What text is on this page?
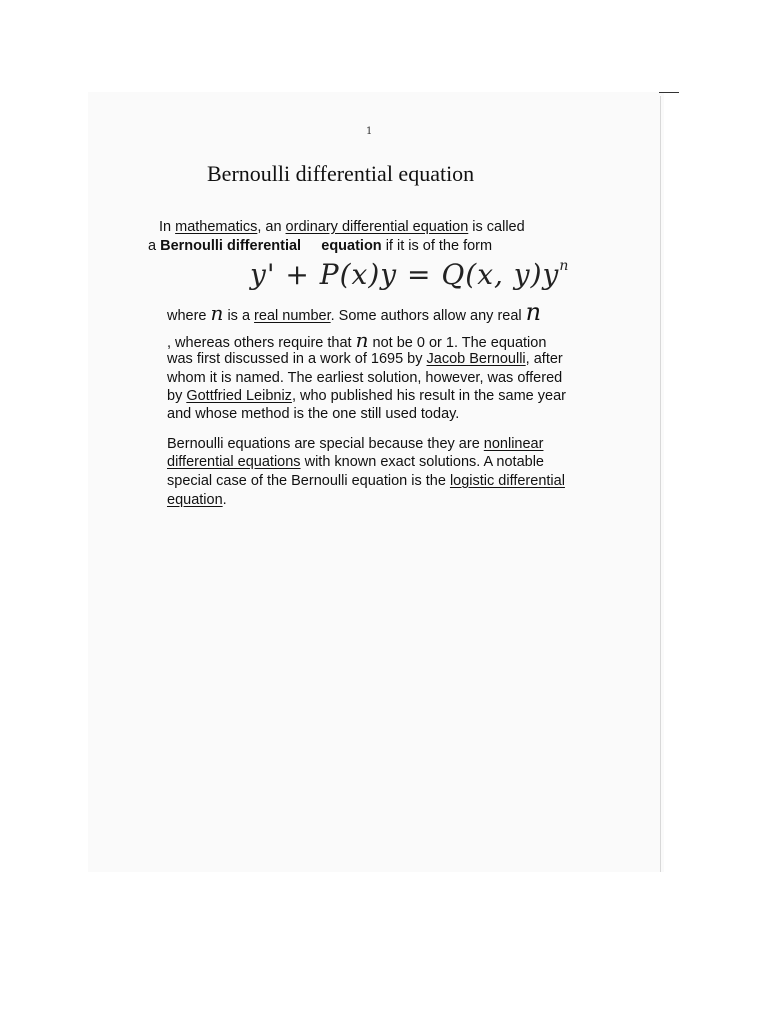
1
Bernoulli differential equation
In mathematics, an ordinary differential equation is called
a Bernoulli differential equation if it is of the form
y' + P(x)y = Q(x, $y)y^n$
where n is a real number. Some authors allow any real n
, whereas others require that n not be 0 or 1. The equation
was first discussed in a work of 1695 by Jacob Bernoulli, after
whom it is named. The earliest solution, however, was offered
by Gottfried Leibniz, who published his result in the same year
and whose method is the one still used today.
Bernoulli equations are special because they are nonlinear
differential equations with known exact solutions. A notable
special case of the Bernoulli equation is the logistic differential
equation.
